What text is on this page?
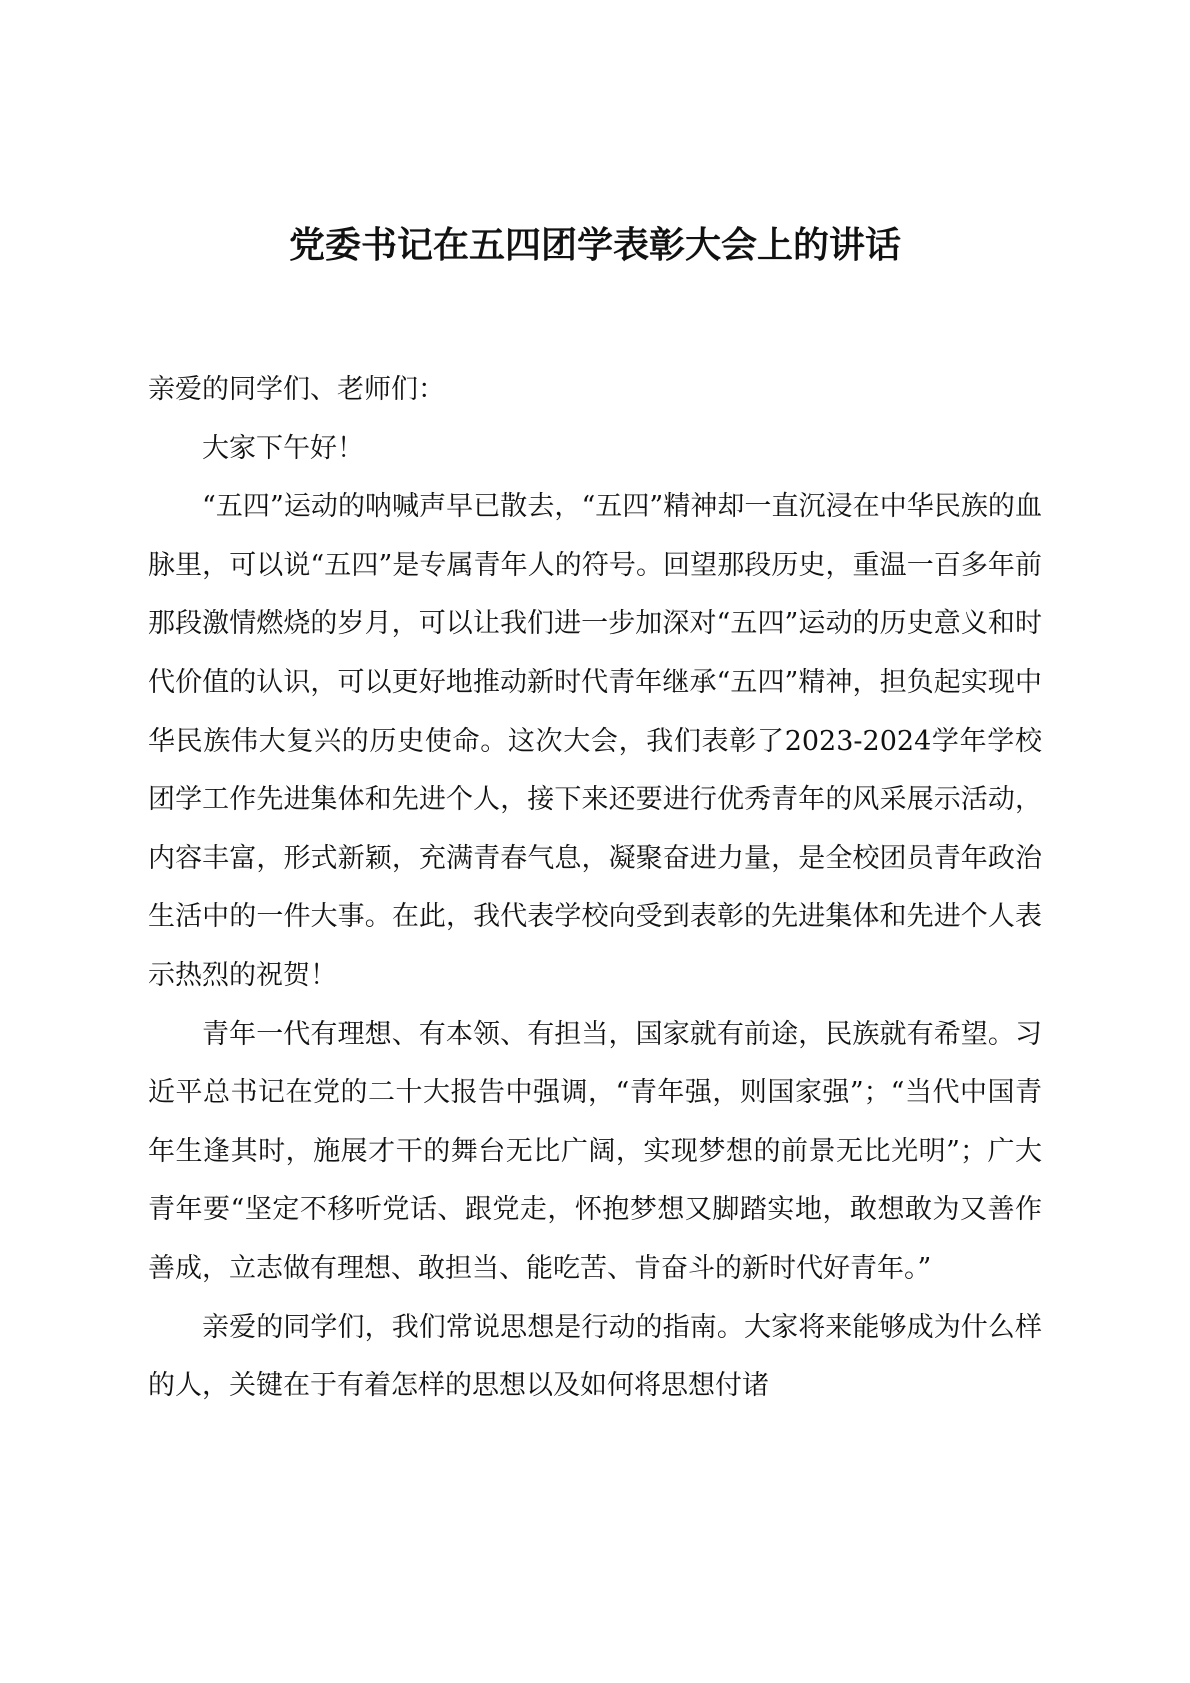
党委书记在五四团学表彰大会上的讲话

亲爱的同学们、老师们：

大家下午好！

“五四”运动的呐喊声早已散去，“五四”精神却一直沉浸在中华民族的血脉里，可以说“五四”是专属青年人的符号。回望那段历史，重温一百多年前那段激情燃烧的岁月，可以让我们进一步加深对“五四”运动的历史意义和时代价值的认识，可以更好地推动新时代青年继承“五四”精神，担负起实现中华民族伟大复兴的历史使命。这次大会，我们表彰了2023-2024学年学校团学工作先进集体和先进个人，接下来还要进行优秀青年的风采展示活动，内容丰富，形式新颖，充满青春气息，凝聚奋进力量，是全校团员青年政治生活中的一件大事。在此，我代表学校向受到表彰的先进集体和先进个人表示热烈的祝贺！

青年一代有理想、有本领、有担当，国家就有前途，民族就有希望。习近平总书记在党的二十大报告中强调，“青年强，则国家强”；“当代中国青年生逢其时，施展才干的舞台无比广阔，实现梦想的前景无比光明”；广大青年要“坚定不移听党话、跟党走，怀抱梦想又脚踏实地，敢想敢为又善作善成，立志做有理想、敢担当、能吃苦、肯奋斗的新时代好青年。”

亲爱的同学们，我们常说思想是行动的指南。大家将来能够成为什么样的人，关键在于有着怎样的思想以及如何将思想付诸
